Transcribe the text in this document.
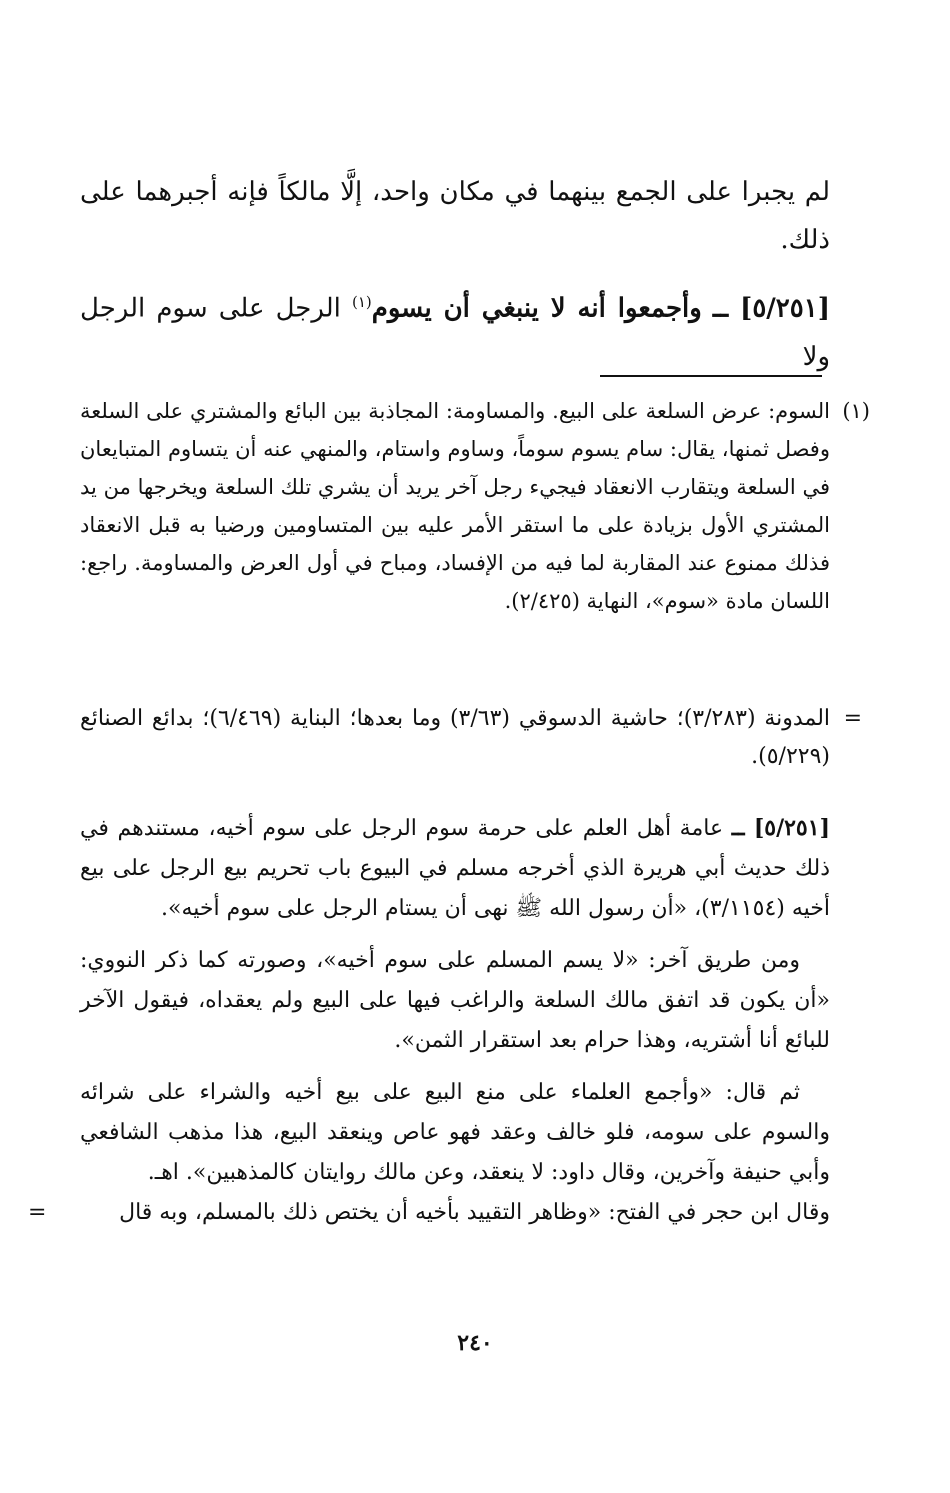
لم يجبرا على الجمع بينهما في مكان واحد، إلَّا مالكاً فإنه أجبرهما على ذلك.

[٥/٢٥١] ــ وأجمعوا أنه لا ينبغي أن يسوم$^{(١)}$ الرجل على سوم الرجل ولا

(١)
السوم: عرض السلعة على البيع. والمساومة: المجاذبة بين البائع والمشتري على السلعة وفصل ثمنها، يقال: سام يسوم سوماً، وساوم واستام، والمنهي عنه أن يتساوم المتبايعان في السلعة ويتقارب الانعقاد فيجيء رجل آخر يريد أن يشري تلك السلعة ويخرجها من يد المشتري الأول بزيادة على ما استقر الأمر عليه بين المتساومين ورضيا به قبل الانعقاد فذلك ممنوع عند المقاربة لما فيه من الإفساد، ومباح في أول العرض والمساومة. راجع: اللسان مادة «سوم»، النهاية (٢/٤٢٥).
=
المدونة (٣/٢٨٣)؛ حاشية الدسوقي (٣/٦٣) وما بعدها؛ البناية (٦/٤٦٩)؛ بدائع الصنائع (٥/٢٢٩).

[٥/٢٥١] ــ عامة أهل العلم على حرمة سوم الرجل على سوم أخيه، مستندهم في ذلك حديث أبي هريرة الذي أخرجه مسلم في البيوع باب تحريم بيع الرجل على بيع أخيه (٣/١١٥٤)، «أن رسول الله ﷺ نهى أن يستام الرجل على سوم أخيه».

ومن طريق آخر: «لا يسم المسلم على سوم أخيه»، وصورته كما ذكر النووي: «أن يكون قد اتفق مالك السلعة والراغب فيها على البيع ولم يعقداه، فيقول الآخر للبائع أنا أشتريه، وهذا حرام بعد استقرار الثمن».

ثم قال: «وأجمع العلماء على منع البيع على بيع أخيه والشراء على شرائه والسوم على سومه، فلو خالف وعقد فهو عاص وينعقد البيع، هذا مذهب الشافعي وأبي حنيفة وآخرين، وقال داود: لا ينعقد، وعن مالك روايتان كالمذهبين». اهـ.

وقال ابن حجر في الفتح: «وظاهر التقييد بأخيه أن يختص ذلك بالمسلم، وبه قال
=

٢٤٠
